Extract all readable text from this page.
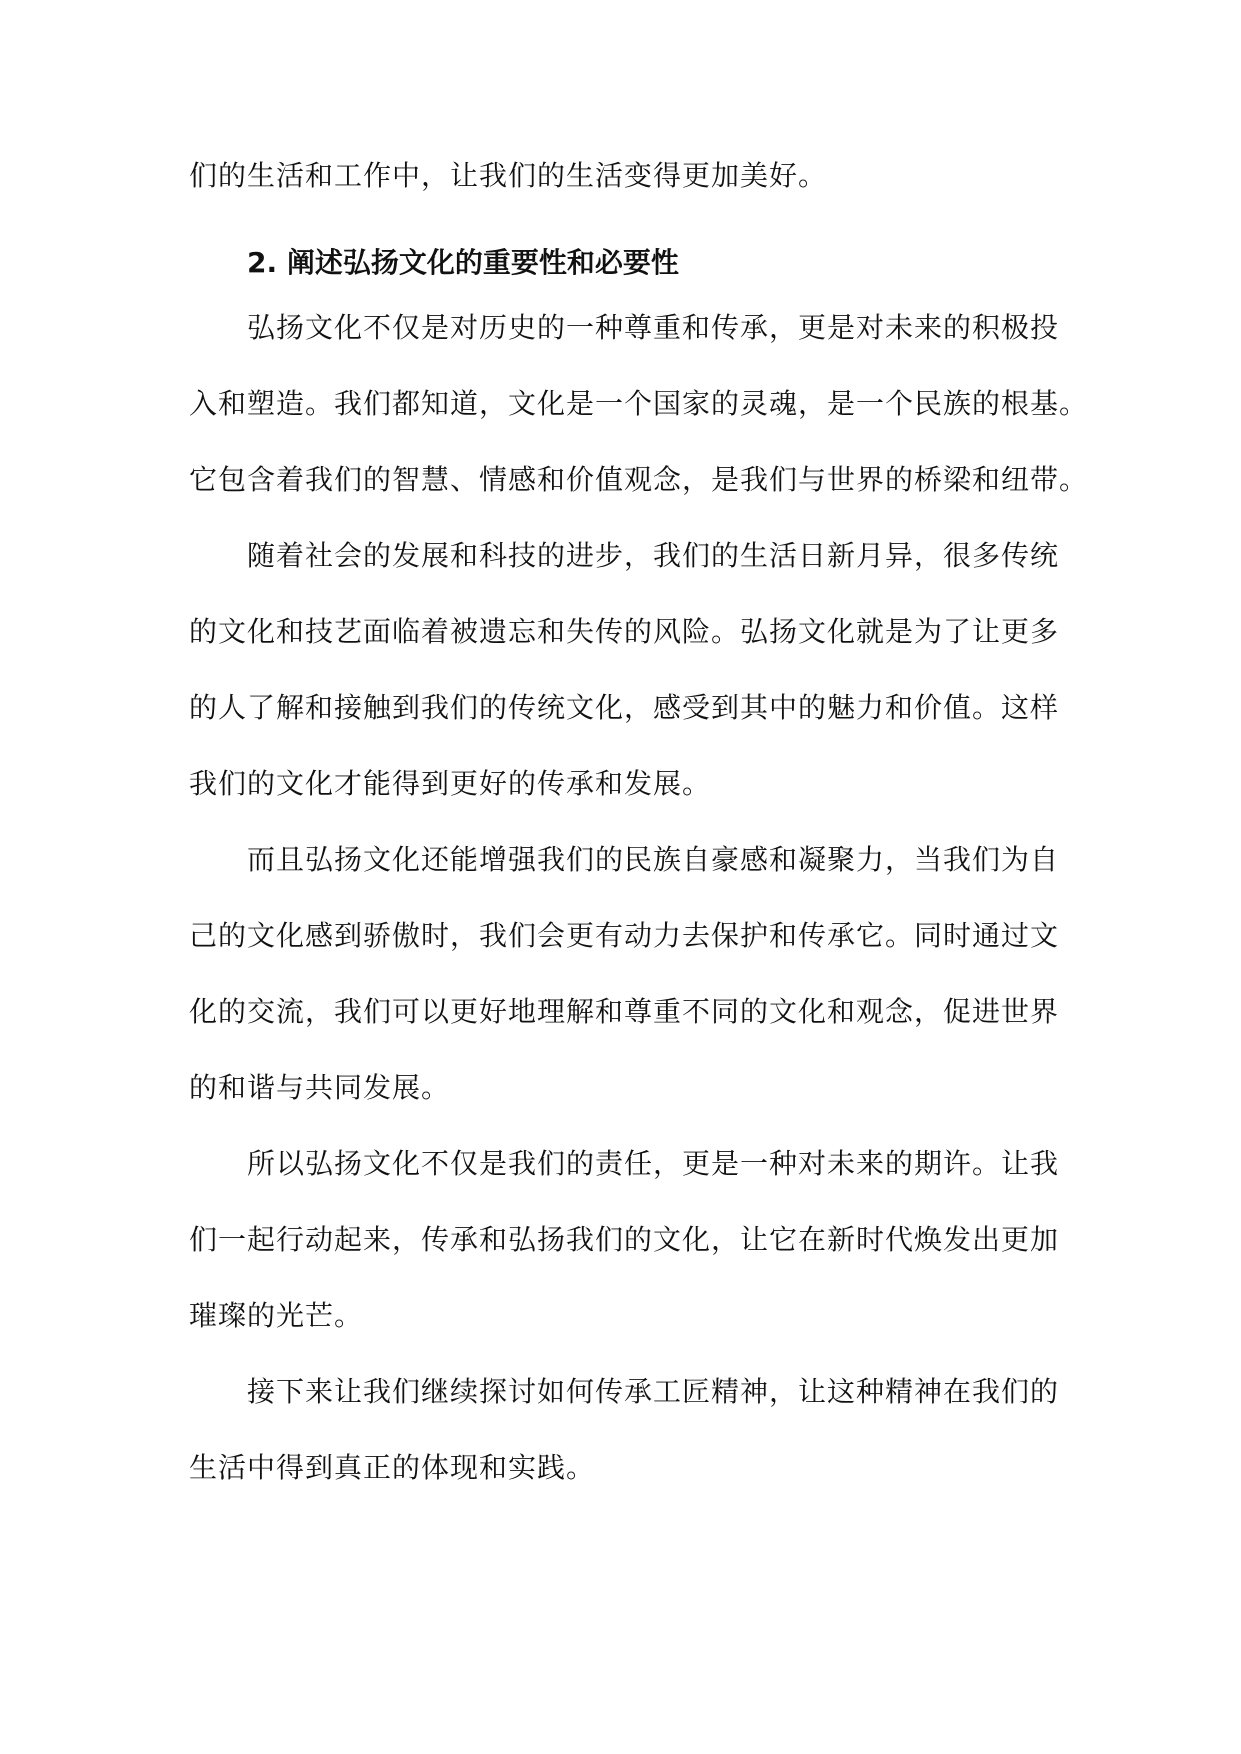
们的生活和工作中，让我们的生活变得更加美好。
2. 阐述弘扬文化的重要性和必要性
弘扬文化不仅是对历史的一种尊重和传承，更是对未来的积极投
入和塑造。我们都知道，文化是一个国家的灵魂，是一个民族的根基。
它包含着我们的智慧、情感和价值观念，是我们与世界的桥梁和纽带。
随着社会的发展和科技的进步，我们的生活日新月异，很多传统
的文化和技艺面临着被遗忘和失传的风险。弘扬文化就是为了让更多
的人了解和接触到我们的传统文化，感受到其中的魅力和价值。这样
我们的文化才能得到更好的传承和发展。
而且弘扬文化还能增强我们的民族自豪感和凝聚力，当我们为自
己的文化感到骄傲时，我们会更有动力去保护和传承它。同时通过文
化的交流，我们可以更好地理解和尊重不同的文化和观念，促进世界
的和谐与共同发展。
所以弘扬文化不仅是我们的责任，更是一种对未来的期许。让我
们一起行动起来，传承和弘扬我们的文化，让它在新时代焕发出更加
璀璨的光芒。
接下来让我们继续探讨如何传承工匠精神，让这种精神在我们的
生活中得到真正的体现和实践。
